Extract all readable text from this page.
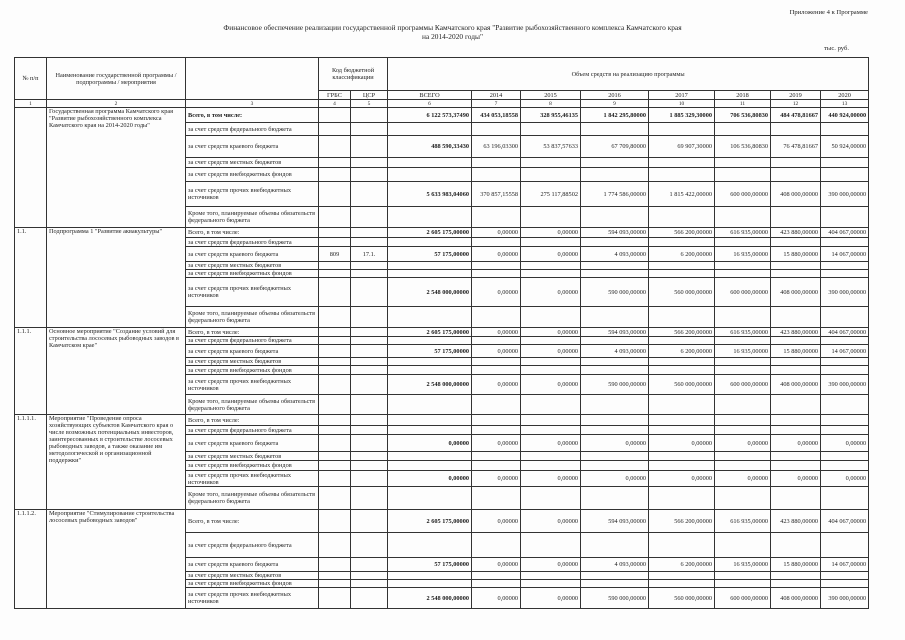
Приложение 4 к Программе
Финансовое обеспечение реализации государственной программы Камчатского края "Развитие рыбохозяйственного комплекса Камчатского края
на 2014-2020 годы"
тыс. руб.
№ п/п	Наименование государственной программы / подпрограммы / мероприятия		Код бюджетной классификации		Объем средств на реализацию программы							
			ГРБС	ЦСР	ВСЕГО	2014	2015	2016	2017	2018	2019	2020
1	2	3	4	5	6	7	8	9	10	11	12	13
	Государственная программа Камчатского края "Развитие рыбохозяйственного комплекса Камчатского края на 2014-2020 годы"	Всего, в том числе:			6 122 573,37490	434 053,18558	328 955,46135	1 842 295,80000	1 885 329,30000	706 536,80830	484 478,81667	440 924,00000
		за счет средств федерального бюджета										
		за счет средств краевого бюджета			488 590,33430	63 196,03300	53 837,57633	67 709,80000	69 907,30000	106 536,80830	76 478,81667	50 924,00000
		за счет средств местных бюджетов										
		за счет средств внебюджетных фондов										
		за счет средств прочих внебюджетных источников			5 633 983,04060	370 857,15558	275 117,88502	1 774 586,00000	1 815 422,00000	600 000,00000	408 000,00000	390 000,00000
		Кроме того, планируемые объемы обязательств федерального бюджета										
1.1.	Подпрограмма 1 "Развитие аквакультуры"	Всего, в том числе:			2 605 175,00000	0,00000	0,00000	594 093,00000	566 200,00000	616 935,00000	423 880,00000	404 067,00000
		за счет средств федерального бюджета										
		за счет средств краевого бюджета	809	17.1.	57 175,00000	0,00000	0,00000	4 093,00000	6 200,00000	16 935,00000	15 880,00000	14 067,00000
		за счет средств местных бюджетов										
		за счет средств внебюджетных фондов										
		за счет средств прочих внебюджетных источников			2 548 000,00000	0,00000	0,00000	590 000,00000	560 000,00000	600 000,00000	408 000,00000	390 000,00000
		Кроме того, планируемые объемы обязательств федерального бюджета										
1.1.1.	Основное мероприятие "Создание условий для строительства лососевых рыбоводных заводов в Камчатском крае"	Всего, в том числе:			2 605 175,00000	0,00000	0,00000	594 093,00000	566 200,00000	616 935,00000	423 880,00000	404 067,00000
		за счет средств федерального бюджета										
		за счет средств краевого бюджета			57 175,00000	0,00000	0,00000	4 093,00000	6 200,00000	16 935,00000	15 880,00000	14 067,00000
		за счет средств местных бюджетов										
		за счет средств внебюджетных фондов										
		за счет средств прочих внебюджетных источников			2 548 000,00000	0,00000	0,00000	590 000,00000	560 000,00000	600 000,00000	408 000,00000	390 000,00000
		Кроме того, планируемые объемы обязательств федерального бюджета										
1.1.1.1.	Мероприятие "Проведение опроса хозяйствующих субъектов Камчатского края о числе возможных потенциальных инвесторов, заинтересованных в строительстве лососевых рыбоводных заводов, а также оказание им методологической и организационной поддержки"	Всего, в том числе:										
		за счет средств федерального бюджета										
		за счет средств краевого бюджета			0,00000	0,00000	0,00000	0,00000	0,00000	0,00000	0,00000	0,00000
		за счет средств местных бюджетов										
		за счет средств внебюджетных фондов										
		за счет средств прочих внебюджетных источников			0,00000	0,00000	0,00000	0,00000	0,00000	0,00000	0,00000	0,00000
		Кроме того, планируемые объемы обязательств федерального бюджета										
1.1.1.2.	Мероприятие "Стимулирование строительства лососевых рыбоводных заводов"	Всего, в том числе:			2 605 175,00000	0,00000	0,00000	594 093,00000	566 200,00000	616 935,00000	423 880,00000	404 067,00000
		за счет средств федерального бюджета										
		за счет средств краевого бюджета			57 175,00000	0,00000	0,00000	4 093,00000	6 200,00000	16 935,00000	15 880,00000	14 067,00000
		за счет средств местных бюджетов										
		за счет средств внебюджетных фондов										
		за счет средств прочих внебюджетных источников			2 548 000,00000	0,00000	0,00000	590 000,00000	560 000,00000	600 000,00000	408 000,00000	390 000,00000
